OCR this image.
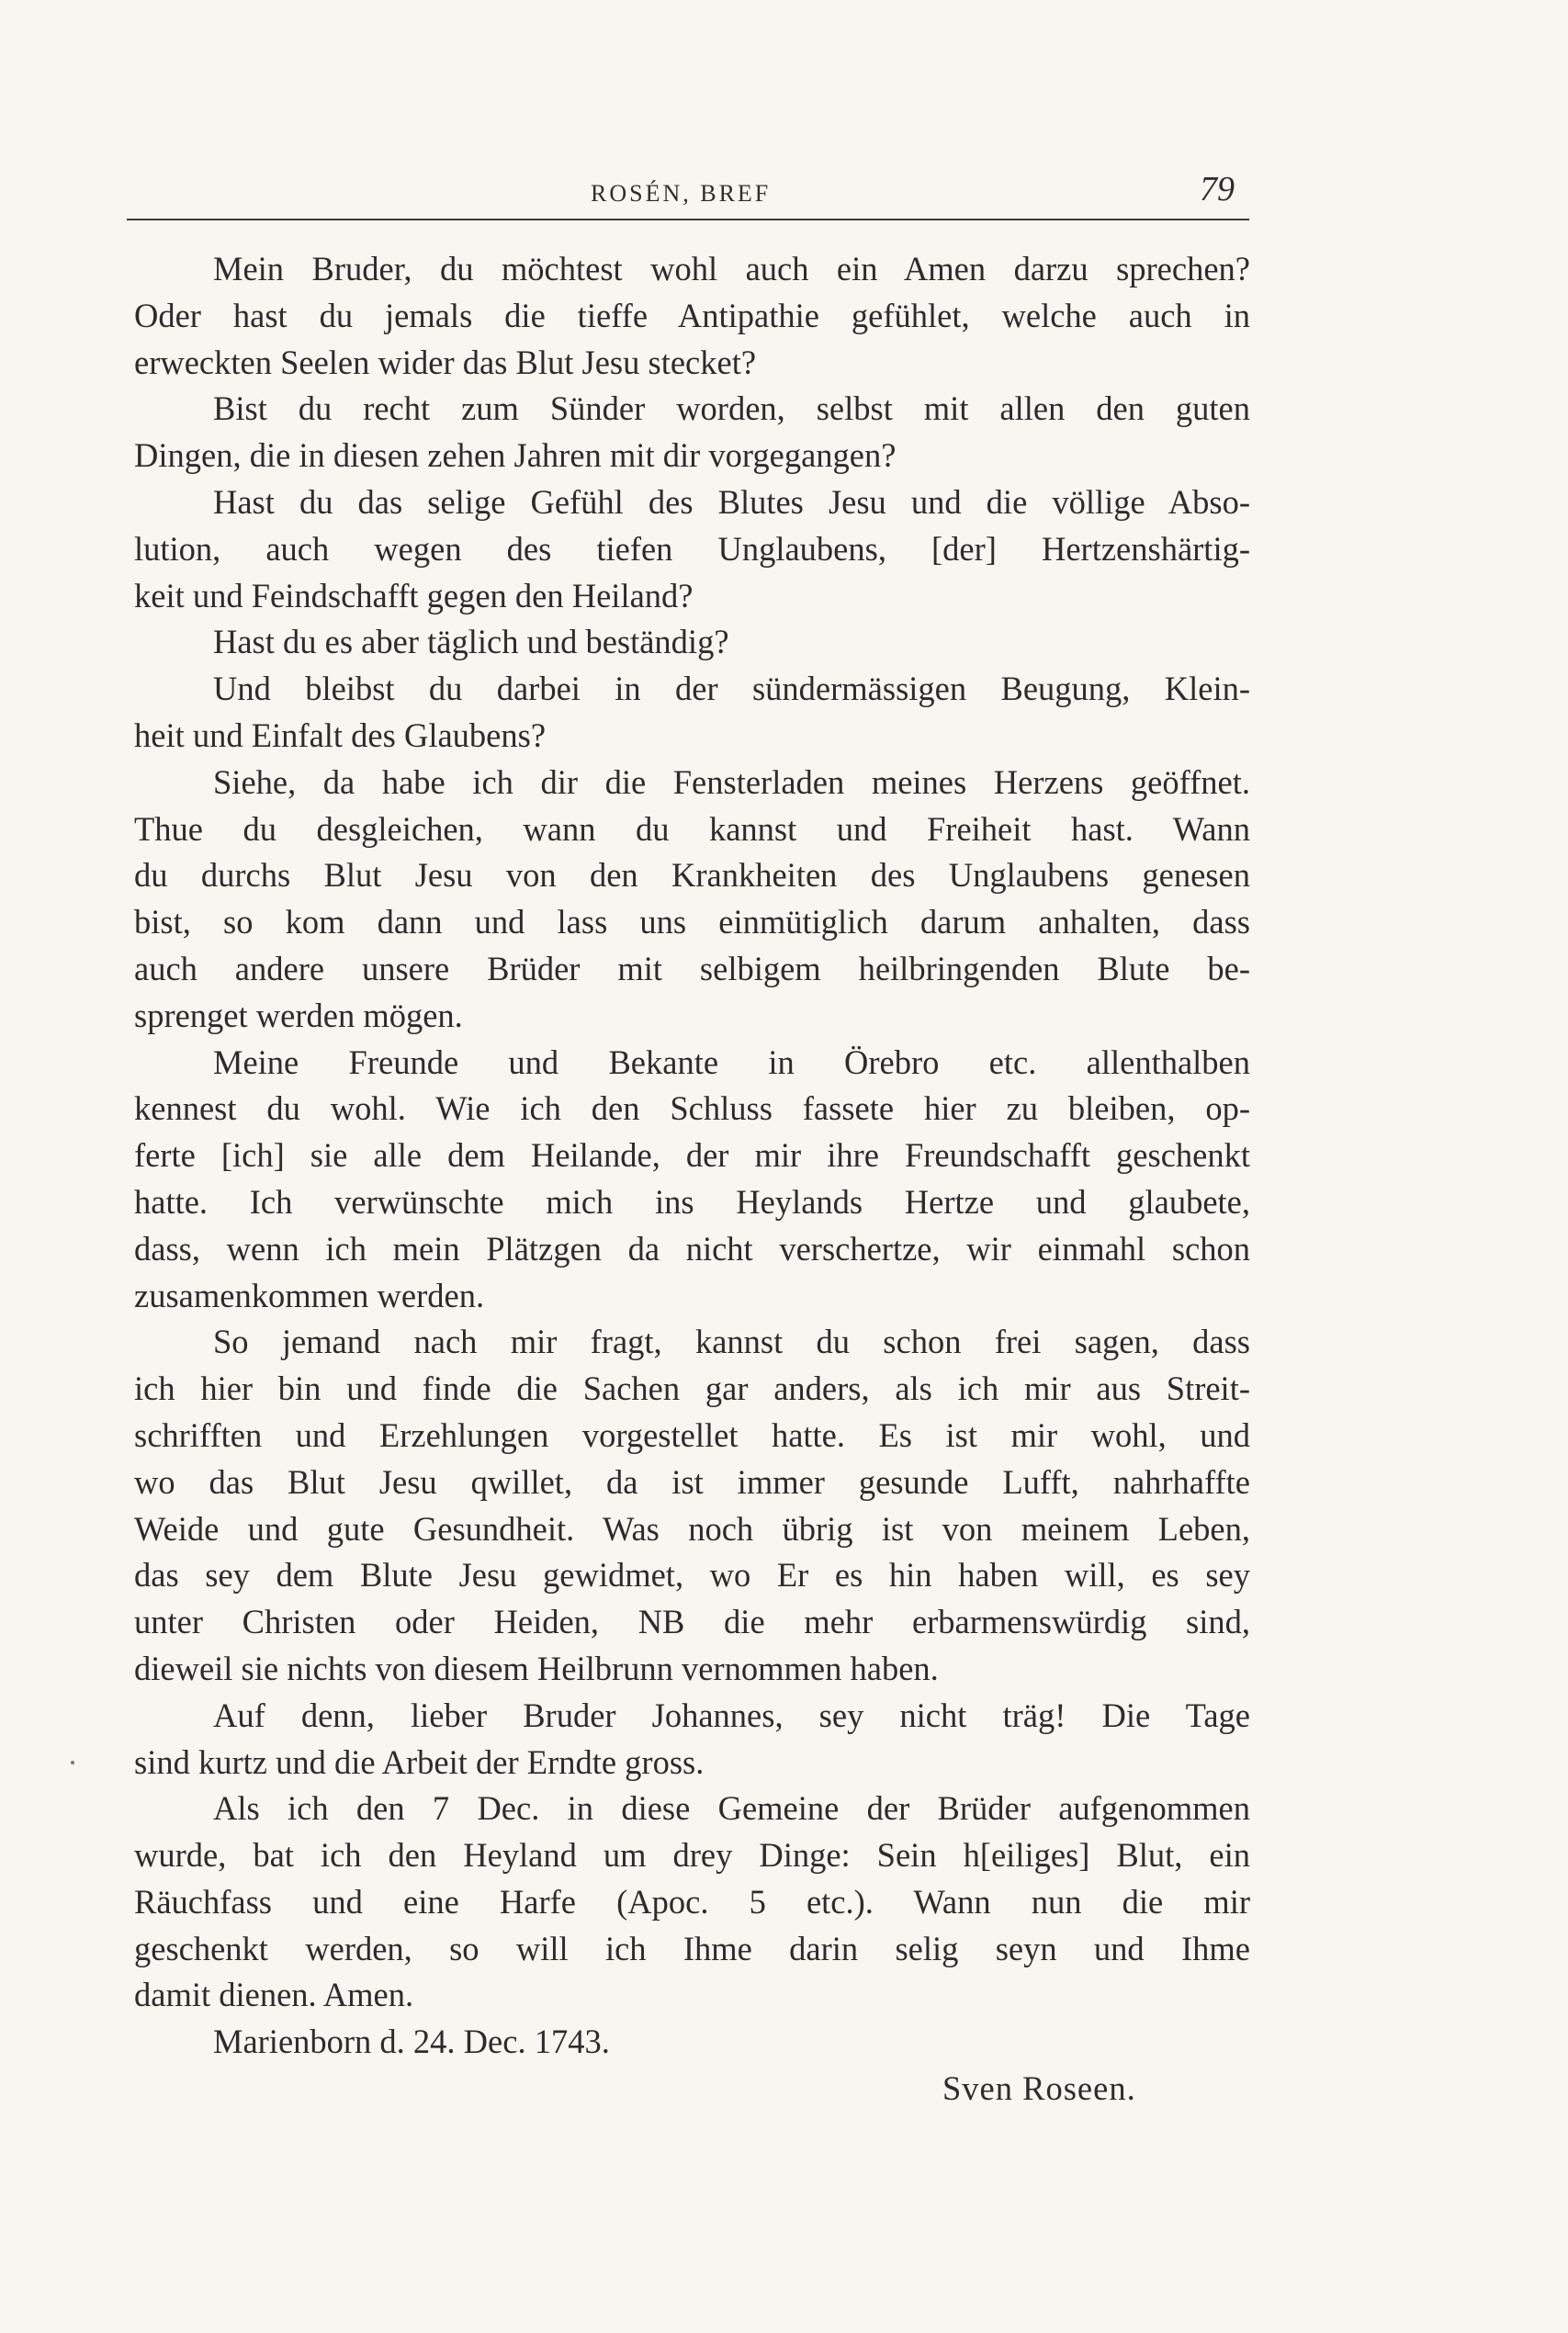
ROSÉN, BREF	79

Mein Bruder, du möchtest wohl auch ein Amen darzu sprechen?
Oder hast du jemals die tieffe Antipathie gefühlet, welche auch in
erweckten Seelen wider das Blut Jesu stecket?

Bist du recht zum Sünder worden, selbst mit allen den guten
Dingen, die in diesen zehen Jahren mit dir vorgegangen?

Hast du das selige Gefühl des Blutes Jesu und die völlige Abso-
lution, auch wegen des tiefen Unglaubens, [der] Hertzenshärtig-
keit und Feindschafft gegen den Heiland?

Hast du es aber täglich und beständig?

Und bleibst du darbei in der sündermässigen Beugung, Klein-
heit und Einfalt des Glaubens?

Siehe, da habe ich dir die Fensterladen meines Herzens geöffnet.
Thue du desgleichen, wann du kannst und Freiheit hast. Wann
du durchs Blut Jesu von den Krankheiten des Unglaubens genesen
bist, so kom dann und lass uns einmütiglich darum anhalten, dass
auch andere unsere Brüder mit selbigem heilbringenden Blute be-
sprenget werden mögen.

Meine Freunde und Bekante in Örebro etc. allenthalben
kennest du wohl. Wie ich den Schluss fassete hier zu bleiben, op-
ferte [ich] sie alle dem Heilande, der mir ihre Freundschafft geschenkt
hatte. Ich verwünschte mich ins Heylands Hertze und glaubete,
dass, wenn ich mein Plätzgen da nicht verschertze, wir einmahl schon
zusamenkommen werden.

So jemand nach mir fragt, kannst du schon frei sagen, dass
ich hier bin und finde die Sachen gar anders, als ich mir aus Streit-
schrifften und Erzehlungen vorgestellet hatte. Es ist mir wohl, und
wo das Blut Jesu qwillet, da ist immer gesunde Lufft, nahrhaffte
Weide und gute Gesundheit. Was noch übrig ist von meinem Leben,
das sey dem Blute Jesu gewidmet, wo Er es hin haben will, es sey
unter Christen oder Heiden, NB die mehr erbarmenswürdig sind,
dieweil sie nichts von diesem Heilbrunn vernommen haben.

Auf denn, lieber Bruder Johannes, sey nicht träg! Die Tage
sind kurtz und die Arbeit der Erndte gross.

Als ich den 7 Dec. in diese Gemeine der Brüder aufgenommen
wurde, bat ich den Heyland um drey Dinge: Sein h[eiliges] Blut, ein
Räuchfass und eine Harfe (Apoc. 5 etc.). Wann nun die mir
geschenkt werden, so will ich Ihme darin selig seyn und Ihme
damit dienen. Amen.

Marienborn d. 24. Dec. 1743.

Sven Roseen.
